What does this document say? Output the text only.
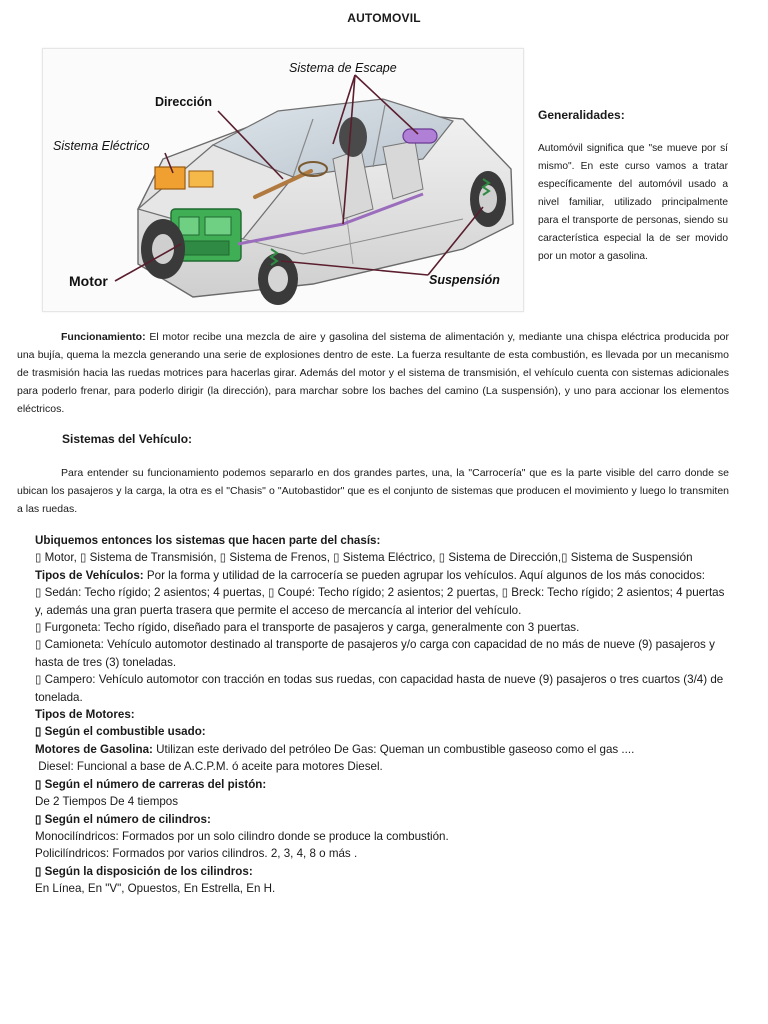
AUTOMOVIL
Sistema de Escape
Dirección
Sistema Eléctrico
Motor	Suspensión

Generalidades:

Automóvil significa que "se mueve por sí mismo". En este curso vamos a tratar específicamente del automóvil usado a nivel familiar, utilizado principalmente para el transporte de personas, siendo su característica especial la de ser movido por un motor a gasolina.

Funcionamiento: El motor recibe una mezcla de aire y gasolina del sistema de alimentación y, mediante una chispa eléctrica producida por una bujía, quema la mezcla generando una serie de explosiones dentro de este. La fuerza resultante de esta combustión, es llevada por un mecanismo de trasmisión hacia las ruedas motrices para hacerlas girar. Además del motor y el sistema de transmisión, el vehículo cuenta con sistemas adicionales para poderlo frenar, para poderlo dirigir (la dirección), para marchar sobre los baches del camino (La suspensión), y uno para accionar los elementos eléctricos.

Sistemas del Vehículo:

Para entender su funcionamiento podemos separarlo en dos grandes partes, una, la "Carrocería" que es la parte visible del carro donde se ubican los pasajeros y la carga, la otra es el "Chasis" o "Autobastidor" que es el conjunto de sistemas que producen el movimiento y luego lo transmiten a las ruedas.

Ubiquemos entonces los sistemas que hacen parte del chasís:

▯ Motor, ▯ Sistema de Transmisión, ▯ Sistema de Frenos, ▯ Sistema Eléctrico, ▯ Sistema de Dirección,▯ Sistema de Suspensión

Tipos de Vehículos: Por la forma y utilidad de la carrocería se pueden agrupar los vehículos. Aquí algunos de los más conocidos:

▯ Sedán: Techo rígido; 2 asientos; 4 puertas, ▯ Coupé: Techo rígido; 2 asientos; 2 puertas, ▯ Breck: Techo rígido; 2 asientos; 4 puertas y, además una gran puerta trasera que permite el acceso de mercancía al interior del vehículo.

▯ Furgoneta: Techo rígido, diseñado para el transporte de pasajeros y carga, generalmente con 3 puertas.

▯ Camioneta: Vehículo automotor destinado al transporte de pasajeros y/o carga con capacidad de no más de nueve (9) pasajeros y hasta de tres (3) toneladas.

▯ Campero: Vehículo automotor con tracción en todas sus ruedas, con capacidad hasta de nueve (9) pasajeros o tres cuartos (3/4) de tonelada.

Tipos de Motores:

▯ Según el combustible usado:

Motores de Gasolina: Utilizan este derivado del petróleo De Gas: Queman un combustible gaseoso como el gas ....

Diesel: Funcional a base de A.C.P.M. ó aceite para motores Diesel.

▯ Según el número de carreras del pistón:

De 2 Tiempos De 4 tiempos

▯ Según el número de cilindros:

Monocilíndricos: Formados por un solo cilindro donde se produce la combustión.

Policilíndricos: Formados por varios cilindros. 2, 3, 4, 8 o más .

▯ Según la disposición de los cilindros:

En Línea, En "V", Opuestos, En Estrella, En H.
